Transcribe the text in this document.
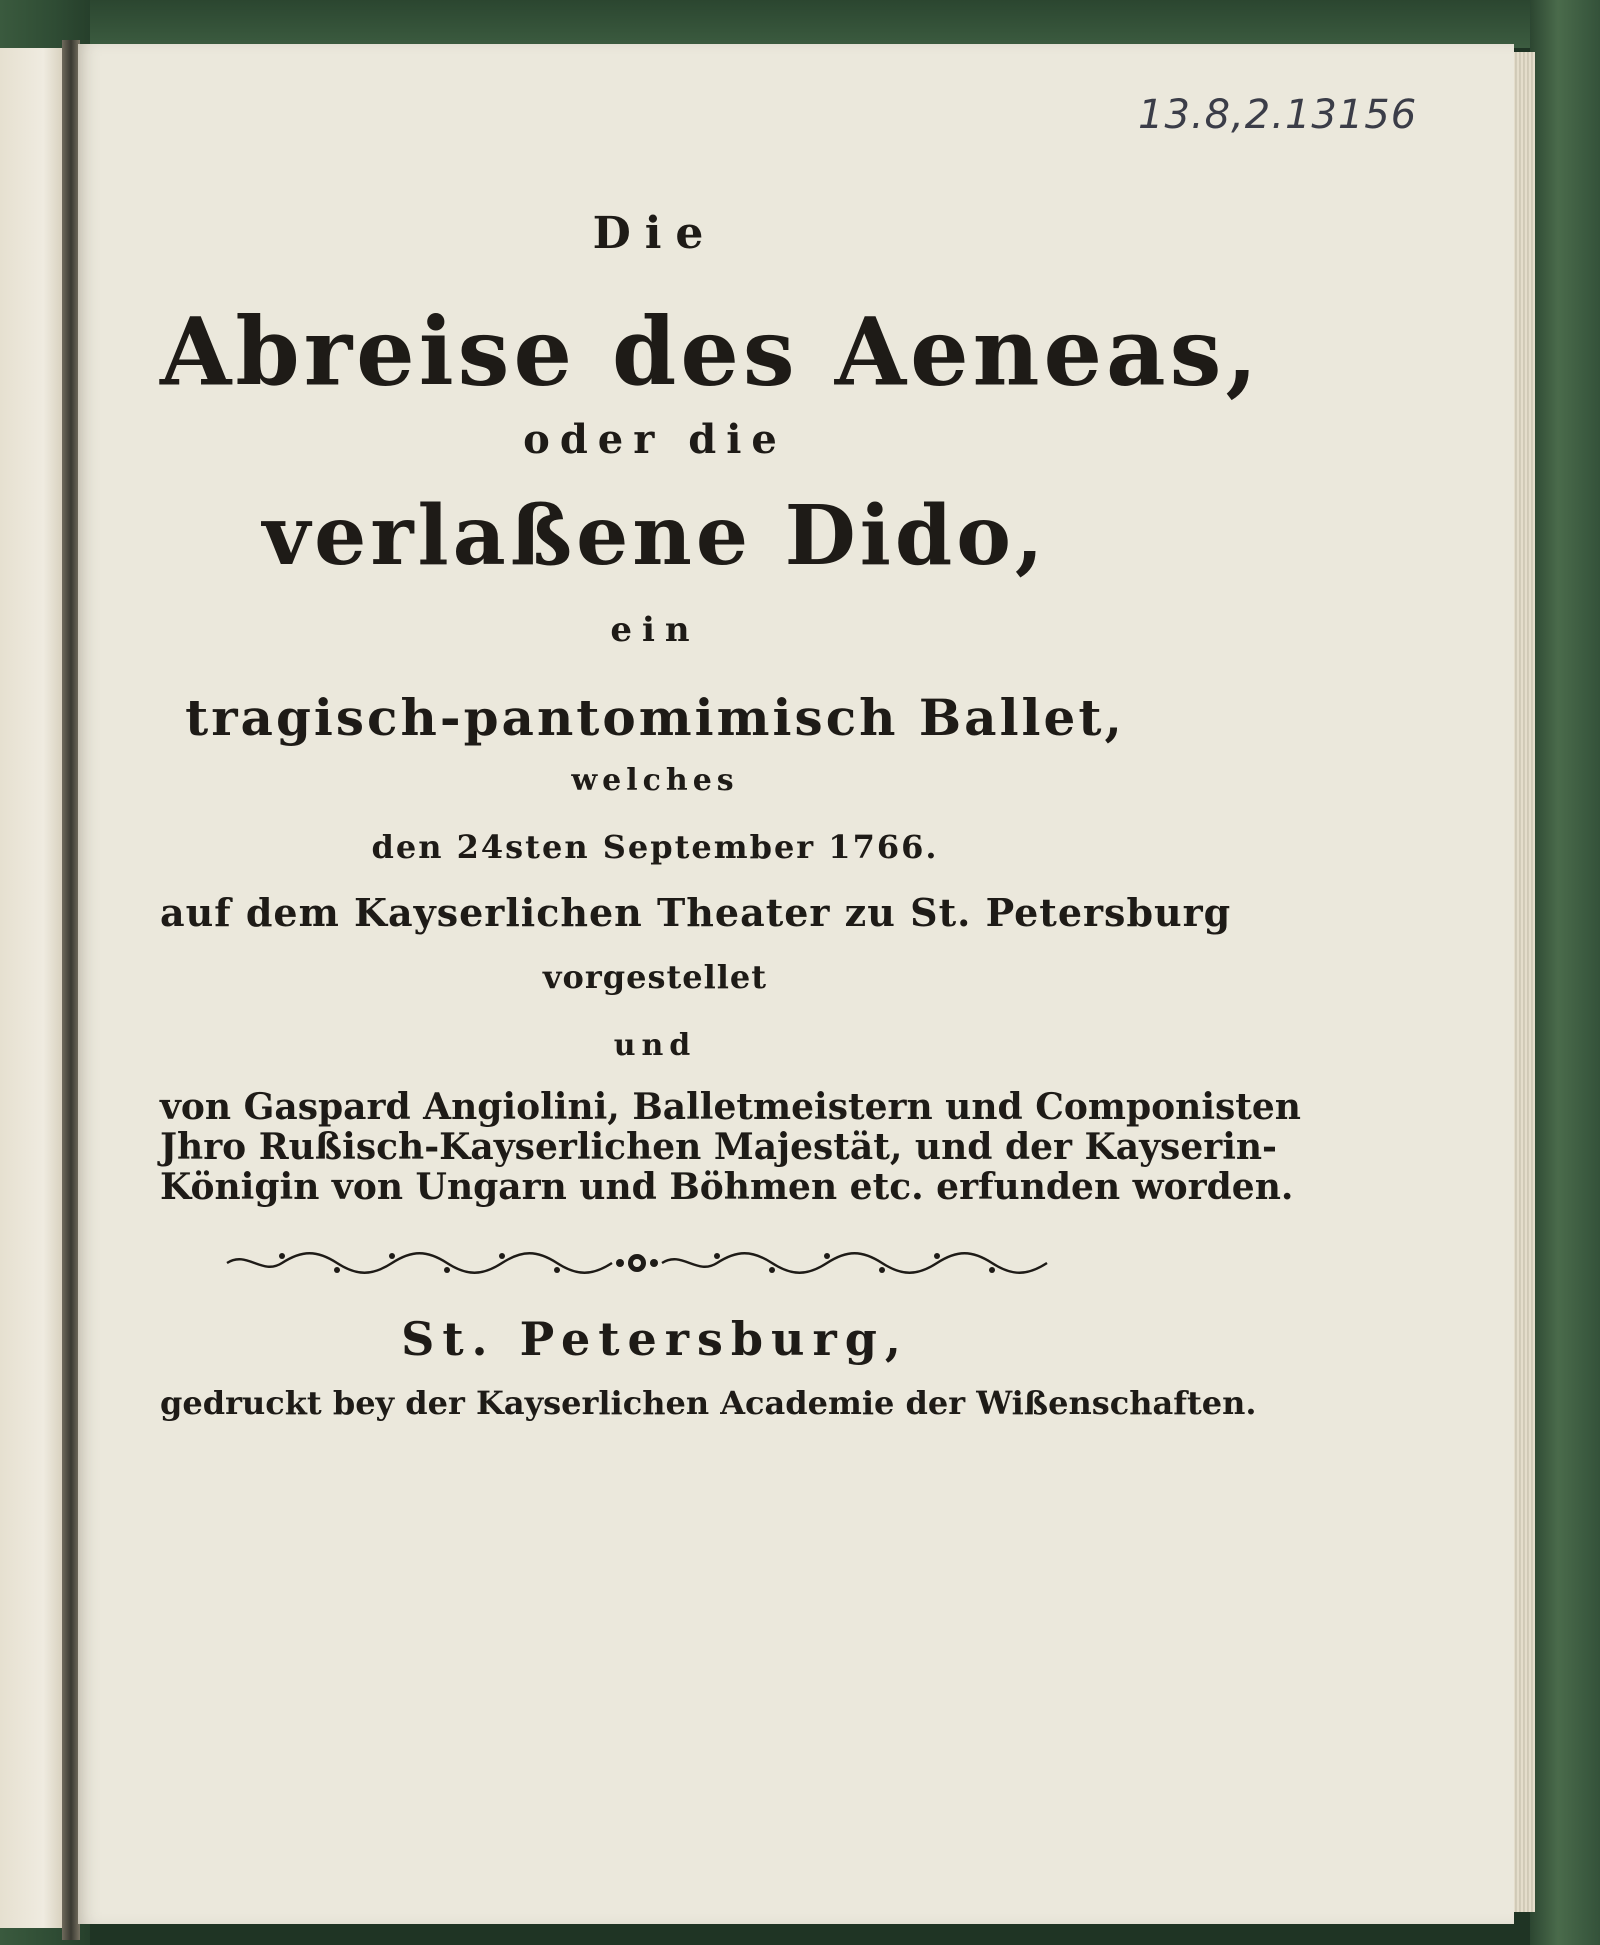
13.8,2.13156
Die
Abreise des Aeneas,
oder die
verlaßene Dido,
ein
tragisch-pantomimisch Ballet,
welches
den 24sten September 1766.
auf dem Kayserlichen Theater zu St. Petersburg
vorgestellet
und
von Gaspard Angiolini, Balletmeistern und Componisten
Jhro Rußisch-Kayserlichen Majestät, und der Kayserin-
Königin von Ungarn und Böhmen etc. erfunden worden.
St. Petersburg,
gedruckt bey der Kayserlichen Academie der Wißenschaften.
